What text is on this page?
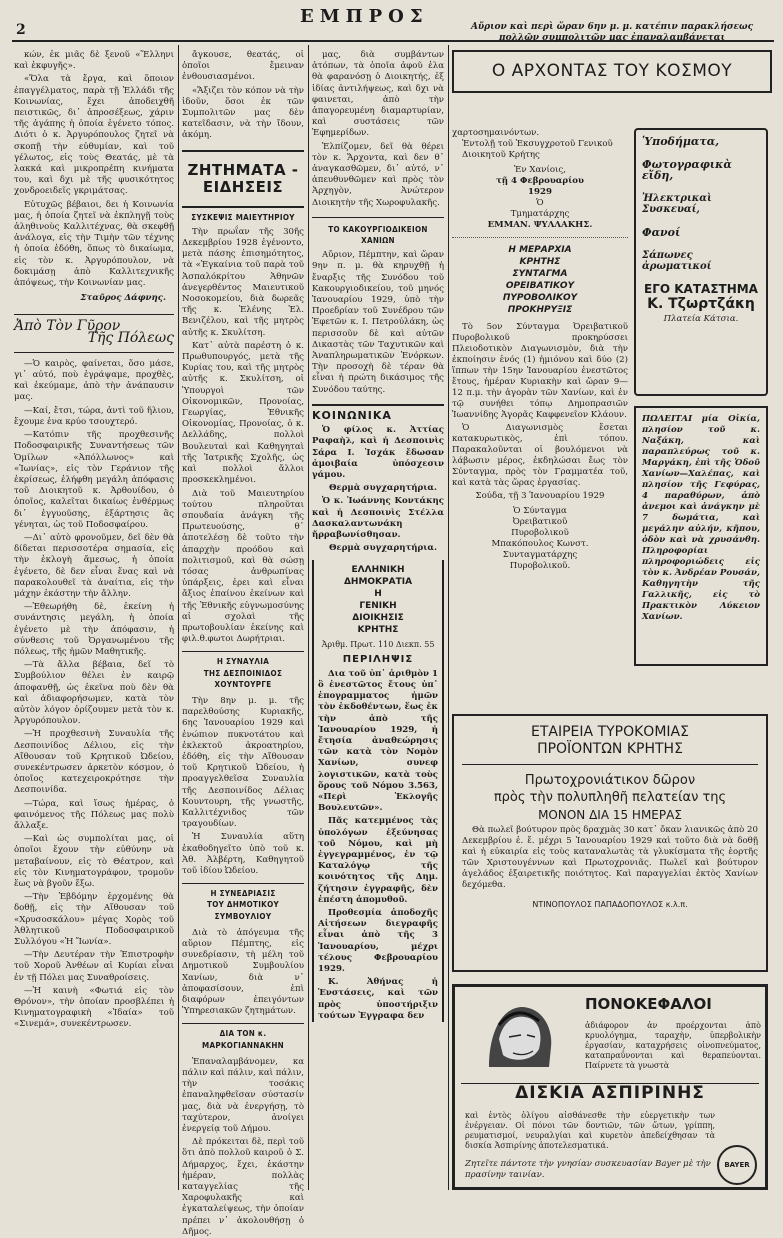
2
ΕΜΠΡΟΣ

κών, ἐκ μιᾶς δὲ ξενοῦ «Ἕλληνι καὶ ἐκφυγῆς».

«Ὅλα τὰ ἔργα, καὶ ὅποιον ἐπαγγέλματος, παρὰ τῇ Ἑλλάδι τῆς Κοινωνίας, ἔχει ἀποδειχθῆ πειστικῶς, δι᾽ ἀπροσέξεως, χάριν τῆς ἀγάπης ἡ ὁποία ἐγένετο τόπος. Διότι ὁ κ. Ἀργυρόπουλος ζητεῖ νὰ σκοπῇ τὴν εὐθυμίαν, καὶ τοῦ γέλωτος, εἰς τοὺς Θεατάς, μὲ τὰ λακκά καὶ μικροπρέπη κινήματα του, καὶ δχι μὲ τῆς φυσικότητος χονδροειδεῖς γκριμάτσας.

Εὐτυχῶς βέβαιοι, δει ἡ Κοινωνία μας, ἡ ὁποία ζητεῖ νὰ ἐκπληγῇ τοὺς ἀληθινοὺς Καλλιτέχνας, θὰ σκεφθῇ ἀνάλογα, εἰς τὴν Τιμὴν τῶν τέχνης ἡ ὁποία ἐδόθη, ὅπως τὸ δικαίωμα, εἰς τὸν κ. Ἀργυρόπουλον, νὰ δοκιμάσῃ ἀπὸ Καλλιτεχνικῆς ἀπόψεως, τὴν Κοινωνίαν μας.

Σταῦρος Δάφνης.
Ἀπὸ Τὸν Γῦρον
Τῆς Πόλεως

—Ὁ καιρὸς, φαίνεται, ὅσο μάσε, γι᾽ αὐτό, ποὺ ἐγράψαμε, προχθὲς, καὶ ἐκεύμαμε, ἀπὸ τὴν ἀνάπαυσιν μας.

—Καί, ἔτσι, τώρα, ἀντὶ τοῦ ἥλιου, ἔχουμε ἐνα κρύο τσουχτερό.

—Κατόπιν τῆς προχθεσινῆς Ποδοσφαιρικῆς Συναντήσεως τῶν Ὁμίλων «Ἀπόλλωνος» καὶ «Ἰωνίας», εἰς τὸν Γεράνιον τῆς ἐκρίσεως, ἐλήφθη μεγάλη ἀπόφασις τοῦ Διοικητοῦ κ. Ἀρθουίδου, ὁ ὁποῖος, καλεῖται δικαίως ἐνθέρμως δι᾽ ἐγγυοῦσης, ἑξάρτησις ἂς γένηται, ὡς τοῦ Ποδοσφαίρου.

—Δι᾽ αὐτὸ φρονοῦμεν, δεῖ δὲν θὰ δίδεται περισσοτέρα σημασία, εἰς τὴν ἐκλογὴ ἄμεσως, ἡ ὁποία ἐγένετο, δὲ δεν εἶναι ἕνας καὶ νὰ παρακολουθεῖ τὰ ἀναίτια, εἰς τὴν μάχην ἐκάστην τὴν ἄλλην.

—Ἐθεωρήθη δὲ, ἐκείνη ἡ συνάντησις μεγάλη, ἡ ὁποία ἐγένετο μὲ τὴν ἀπόφασιν, ἡ σύνθεσις τοῦ Ὀργανωμένου τῆς πόλεως, τῆς ἡμῶν Μαθητικῆς.

—Τὰ ἄλλα βέβαια, δεῖ τὸ Συμβούλιον θέλει ἐν καιρῷ ἀποφανθῇ, ὡς ἐκεῖνα ποὺ δὲν θὰ καὶ ἀδιαφορήσωμεν, κατὰ τὸν αὐτὸν λόγον ὁρίζουμεν μετὰ τὸν κ. Ἀργυρόπουλον.

—Ἡ προχθεσινὴ Συναυλία τῆς Δεσποινίδος Δέλιου, εἰς τὴν Αἴθουσαν τοῦ Κρητικοῦ Ὠδείου, συνεκέντρωσεν ἀρκετὸν κόσμον, ὁ ὁποῖος κατεχειροκρότησε τὴν Δεσποινίδα.

—Τώρα, καὶ ἴσως ἡμέρας, ὁ φαινόμενος τῆς Πόλεως μας πολὺ ἄλλαξε.

—Καὶ ὡς συμπολίται μας, οἱ ὁποῖοι ἔχουν τὴν εὐθύνην νὰ μεταβαίνουν, εἰς τὸ Θέατρον, καὶ εἰς τὸν Κινηματογράφον, τρομοῦν ἕως νὰ βγοῦν ἔξω.

—Τὴν Ἑβδόμην ἐρχομένης θὰ δοθῇ, εἰς τὴν Αἴθουσαν τοῦ «Χρυσοσκάλου» μέγας Χορὸς τοῦ Ἀθλητικοῦ Ποδοσφαιρικοῦ Συλλόγου «Ἡ Ἴωνία».

—Τὴν Δευτέραν τὴν Ἐπιστροφὴν τοῦ Χοροῦ Ἀνθέων αἱ Κυρίαι εἶναι ἐν τῇ Πόλει μας Συναθροίσεις.

—Ἡ καινὴ «Φωτιά εἰς τὸν Θρόνον», τὴν ὁποίαν προσβλέπει ἡ Κινηματογραφικὴ «Ἰδαία» τοῦ «Σινεμά», συνεκέντρωσεν.

ἄγκουσε, θεατάς, οἱ ὁποῖοι ἔμειναν ἐνθουσιασμένοι.

«Ἄξιζει τὸν κόπον νὰ τὴν ἰδοῦν, ὅσοι ἐκ τῶν Συμπολιτῶν μας δὲν κατεῖδασιν, νὰ τὴν ἴδουν, ἀκόμη.

ΖΗΤΗΜΑΤΑ - ΕΙΔΗΣΕΙΣ
ΣΥΣΚΕΨΙΣ ΜΑΙΕΥΤΗΡΙΟΥ

Τὴν πρωΐαν τῆς 30ῆς Δεκεμβρίου 1928 ἐγένοντο, μετὰ πάσης ἐπισημότητος, τὰ «Ἐγκαίνια τοῦ παρὰ τοῦ Ἀσπαλόκρίτου Ἀθηνῶν ἀνεγερθέντος Μαιευτικοῦ Νοσοκομείου, διὰ δωρεᾶς τῆς κ. Ἐλένης Ἐλ. Βενιζέλου, καὶ τῆς μητρὸς αὐτῆς κ. Σκυλίτση.

Κατ᾽ αὐτὰ παρέστη ὁ κ. Πρωθυπουργός, μετὰ τῆς Κυρίας του, καὶ τῆς μητρὸς αὐτῆς κ. Σκυλίτση, οἱ Ὑπουργοὶ τῶν Οἰκονομικῶν, Προνοίας, Γεωργίας, Ἐθνικῆς Οἰκονομίας, Προνοίας, ὁ κ. Δελλάδης, πολλοὶ Βουλευταὶ καὶ Καθηγηταὶ τῆς Ἰατρικῆς Σχολῆς, ὡς καὶ πολλοὶ ἄλλοι προσκεκλημένοι.

Διὰ τοῦ Μαιευτηρίου τούτου πληροῦται σπουδαία ἀνάγκη τῆς Πρωτευούσης, θ᾽ ἀποτελέσῃ δὲ τοῦτο τὴν ἀπαρχὴν προόδου καὶ πολιτισμοῦ, καὶ θὰ σώσῃ τόσας ἀνθρωπίνας ὑπάρξεις, ἐρει καὶ εἶναι ἄξιος ἐπαίνου ἐκείνων καὶ τῆς Ἐθνικῆς εὐγνωμοσύνης αἱ σχολαὶ τῆς πρωτοβουλίαν ἐκείνης καὶ φιλ.θ.φωτοι Δωρήτριαι.

Η ΣΥΝΑΥΛΙΑ
ΤΗΣ ΔΕΣΠΟΙΝΙΔΟΣ ΧΟΥΝΤΟΥΡΓΕ

Τὴν 8ην μ. μ. τῆς παρελθούσης Κυριακῆς, 6ης Ἰανουαρίου 1929 καὶ ἐνώπιον πυκνοτάτου καὶ ἐκλεκτοῦ ἀκροατηρίου, ἐδόθη, εἰς τὴν Αἴθουσαν τοῦ Κρητικοῦ Ὠδείου, ἡ προαγγελθεῖσα Συναυλία τῆς Δεσποινίδος Δέλιας Κουντουρη, τῆς γνωστῆς, Καλλιτέχνιδος τῶν τραγουδίων.

Ἡ Συναυλία αὕτη ἐκαθοδηγεῖτο ὑπὸ τοῦ κ. Ἀθ. Ἀλβέρτη, Καθηγητοῦ τοῦ ἰδίου Ὠδείου.

Η ΣΥΝΕΔΡΙΑΣΙΣ
ΤΟΥ ΔΗΜΟΤΙΚΟΥ ΣΥΜΒΟΥΛΙΟΥ

Διὰ τὸ ἀπόγευμα τῆς αὔριον Πέμπτης, εἰς συνεδρίασιν, τὴ μέλη τοῦ Δημοτικοῦ Συμβουλίου Χανίων, διὰ ν᾽ ἀποφασίσουν, ἐπὶ διαφόρων ἐπειγόντων Ὑπηρεσιακῶν ζητημάτων.

ΔΙΑ ΤΟΝ κ. ΜΑΡΚΟΓΙΑΝΝΑΚΗΝ

Ἐπαναλαμβάνομεν, κα πάλιν καὶ πάλιν, καὶ πάλιν, τὴν τοσάκις ἐπαναληφθεῖσαν σύστασίν μας, διὰ νὰ ἐνεργήσῃ, τὸ ταχύτερον, ἀνοίγει ἐνεργείᾳ τοῦ Δήμου.

Δὲ πρόκειται δὲ, περὶ τοῦ ὅτι ἀπὸ πολλοῦ καιροῦ ὁ Σ. Δήμαρχος, ἔχει, ἑκάστην ἡμέραν, πολλὰς καταγγελίας τῆς Χαροφυλακῆς καὶ ἐγκαταλείψεως, τὴν ὁποίαν πρέπει ν᾽ ἀκολουθήσῃ ὁ Δῆμος.

μας, διὰ συμβάντων ἀτόπων, τὰ ὁποῖα ἀφοῦ ἐλα θὰ φαρανόσῃ ὁ Διοικητής, ἐξ ἰδίας ἀντιλήψεως, καὶ δχι νὰ φαινεται, ἀπὸ τὴν ἀπαγορευμένη διαμαρτυρίαν, καὶ συστάσεις τῶν Ἐφημερίδων.

Ἐλπίζομεν, δεῖ θὰ θέρει τὸν κ. Ἄρχοντα, καὶ δεν θ᾽ ἀναγκασθῶμεν, δι᾽ αὐτό, ν᾽ ἀπευθυνθῶμεν καὶ πρὸς τὸν Ἀρχηγὸν, Ἀνώτερον Διοικητὴν τῆς Χωροφυλακῆς.

ΤΟ ΚΑΚΟΥΡΓΙΟΔΙΚΕΙΟΝ ΧΑΝΙΩΝ

Αὔριον, Πέμπτην, καὶ ὥραν 9ην π. μ. θὰ κηρυχθῇ ἡ ἔναρξις τῆς Συνόδου τοῦ Κακουργιοδικείου, τοῦ μηνός Ἰανουαρίου 1929, ὑπὸ τὴν Προεδρίαν τοῦ Συνέδρου τῶν Ἐφετῶν κ. Ι. Πετρούλάκη, ὡς περισσοῦν δὲ καὶ αὐτῶν Δικαστὰς τῶν Ταχυτικῶν καὶ Ἀναπληρωματικῶν Ἐνόρκων. Τὴν προσοχὴ δὲ τέραν θὰ εἶναι ἡ πρώτη δικάσιμος τῆς Συνόδου ταύτης.

ΚΟΙΝΩΝΙΚΑ

Ὁ φίλος κ. Ἀττίας Ραφαὴλ, καὶ ἡ Δεσποινὶς Σάρα Ι. Ἰσχάκ ἔδωσαν ἀμοιβαία ὑπόσχεσιν γάμου.

Θερμὰ συγχαρητήρια.

Ὁ κ. Ἰωάννης Κοντάκης καὶ ἡ Δεσποινὶς Στέλλα Δασκαλαντωνάκη ἤρραβωνίσθησαν.

Θερμὰ συγχαρητήρια.

ΕΛΛΗΝΙΚΗ
ΔΗΜΟΚΡΑΤΙΑ
Η
ΓΕΝΙΚΗ
ΔΙΟΙΚΗΣΙΣ
ΚΡΗΤΗΣ
Ἀριθμ. Πρωτ. 110 Διεκπ. 55
ΠΕΡΙΛΗΨΙΣ

Δια τοῦ ὑπ᾽ ἀριθμὸν 1 ὃ ἐνεστῶτος ἔτους ὑπ᾽ ἐπογραμματος ἡμῶν τὸν ἐκδοθέντων, ἕως ἐκ τὴν ἀπὸ τῆς Ἰανουαρίου 1929, ἡ ἔτησία ἀναθεώρησις τῶν κατὰ τὸν Νομὸν Χανίων, συνεφ λογιστικῶν, κατὰ τοὺς ὅρους τοῦ Νόμου 3.563, «Περὶ Ἐκλογῆς Βουλευτῶν».

Πᾶς κατεμμένος τὰς ὑπολόγων ἐξεύνησας τοῦ Νόμου, καὶ μὴ ἐγγεγραμμένος, ἐν τῷ Καταλόγῳ τῆς κοινότητος τῆς Δημ. ζήτησιν ἐγγραφῆς, δὲν ἐπέστη ἀπομυθοῦ.

Προθεσμία ἀποδοχῆς Αἰτήσεων διεγραφῆς εἶναι ἀπὸ τῆς 3 Ἰανουαρίου, μέχρι τέλους Φεβρουαρίου 1929.

Κ. Ἀθήνας ἡ Ἐνστάσεις, καὶ τῶν πρὸς ὑποστήριξιν τούτων Ἐγγραφα δεν

Αὔριον καὶ περὶ ὥραν 6ην μ. μ. κατέπιν παρακλήσεως πολλῶν συμπολιτῶν μας ἐπαναλαμβάνεται
Ο ΑΡΧΟΝΤΑΣ ΤΟΥ ΚΟΣΜΟΥ
χαρτοσημαινόντων.
Ἐντολῇ τοῦ Ἐκσυγχροτοῦ Γενικοῦ Διοικητοῦ Κρήτης
Ἐν Χανίοις,
τῇ 4 Φεβρουαρίου
1929
Ὁ
Τμηματάρχης
ΕΜΜΑΝ. ΨΥΛΛΑΚΗΣ.
Η ΜΕΡΑΡΧΙΑ
ΚΡΗΤΗΣ
ΣΥΝΤΑΓΜΑ
ΟΡΕΙΒΑΤΙΚΟΥ
ΠΥΡΟΒΟΛΙΚΟΥ
ΠΡΟΚΗΡΥΞΙΣ

Τὸ 5ον Σύνταγμα Ὀρειβατικοῦ Πυροβολικοῦ προκηρύσσει Πλειοδοτικὸν Διαγωνισμὸν, διὰ τὴν ἐκποίησιν ἑνός (1) ἡμιόνου καὶ δύο (2) ἵππων τὴν 15ην Ἰανουαρίου ἐνεστῶτος ἔτους, ἡμέραν Κυριακὴν καὶ ὥραν 9—12 π.μ. τὴν ἀγορὰν τῶν Χανίων, καὶ ἐν τῷ συνήθει τόπῳ Δημοπρασιῶν Ἰωαννίδης Ἀγορᾶς Καφφενεῖον Κλάουν.

Ὁ Διαγωνισμὸς ἔσεται κατακυρωτικὸς, ἐπὶ τόπου. Παρακαλοῦνται οἱ βουλόμενοι νὰ λάβωσιν μέρος, ἐκδηλώσαι ἔως τὸν Σύνταγμα, πρὸς τὸν Γραμματέα τοῦ, καὶ κατὰ τὰς ὥρας ἐργασίας.

Σούδα, τῇ 3 Ἰανουαρίου 1929

Ὁ Σύνταγμα
Ὀρειβατικοῦ
Πυροβολικοῦ
Μπακόπουλος Κωνστ.
Συνταγματάρχης
Πυροβολικοῦ.
Ὑποδήματα,
Φωτογραφικὰ εἴδη,
Ἠλεκτρικαὶ Συσκευαί,
Φανοί
Σάπωνες ἀρωματικοί
ΕΓΟ ΚΑΤΑΣΤΗΜΑ
Κ. Τζωρτζάκη
Πλατεία Κάτσια.
ΠΩΛΕΙΤΑΙ μία Οἰκία, πλησίον τοῦ κ. Ναξάκη, καὶ παραπλεύρως τοῦ κ. Μαργάκη, ἐπὶ τῆς Ὁδοῦ Χανίων—Χαλέπας, καὶ πλησίον τῆς Γεφύρας, 4 παραθύρων, ἀπὸ ἀνεμοι καὶ ἀνάγκην μὲ 7 δωμάτια, καὶ μεγάλην αὐλήν, κῆπου, ὁδὸν καὶ νὰ χρυσάνθη. Πληροφορίαι πληροφοριώδεις εἰς τὸν κ. Ἀνδρέαν Ρουσάν, Καθηγητὴν τῆς Γαλλικῆς, εἰς τὸ Πρακτικὸν Λύκειον Χανίων.
ΕΤΑΙΡΕΙΑ ΤΥΡΟΚΟΜΙΑΣ
ΠΡΟΪΟΝΤΩΝ ΚΡΗΤΗΣ
Πρωτοχρονιάτικον δῶρον
πρὸς τὴν πολυπληθῆ πελατείαν της
ΜΟΝΟΝ ΔΙΑ 15 ΗΜΕΡΑΣ
Θὰ πωλεῖ βούτυρον πρὸς δραχμὰς 30 κατ᾽ ὄκαν λιανικῶς ἀπὸ 20 Δεκεμβρίου ἐ. ἔ. μέχρι 5 Ἰανουαρίου 1929 καὶ τοῦτο διὰ νὰ δοθῇ καὶ ἡ εὐκαιρία εἰς τοὺς καταναλωτὰς τὰ γλυκίσματα τῆς ἑορτῆς τῶν Χριστουγέννων καὶ Πρωτοχρονιᾶς. Πωλεῖ καὶ βούτυρον ἀγελάδος ἐξαιρετικῆς ποιότητος. Καὶ παραγγελίαι ἐκτὸς Χανίων δεχόμεθα.
ΝΤΙΝΟΠΟΥΛΟΣ ΠΑΠΑΔΟΠΟΥΛΟΣ κ.λ.π.
ΠΟΝΟΚΕΦΑΛΟΙ
ἀδιάφορον ἀν προέρχονται ἀπὸ κρυολόγημα, ταραχὴν, ὑπερβολικὴν ἐργασίαν, καταχρήσεις οἰνοπνεύματος, καταπραΰνονται καὶ θεραπεύονται. Παίρνετε τὰ γνωστὰ
ΔΙΣΚΙΑ ΑΣΠΙΡΙΝΗΣ
καὶ ἐντὸς ὀλίγου αἰσθάνεσθε τὴν εὐεργετικὴν των ἐνέργειαν. Οἱ πόνοι τῶν δοντιῶν, τῶν ὤτων, γρίππη, ρευματισμοί, νευραλγίαι καὶ κυρετὸν ἀπεδείχθησαν τὰ δισκία Ἀσπιρίνης ἀποτελεσματικά.
Ζητεῖτε πάντοτε τὴν γνησίαν συσκευασίαν Bayer μὲ τὴν πρασίνην ταινίαν.
BAYER
